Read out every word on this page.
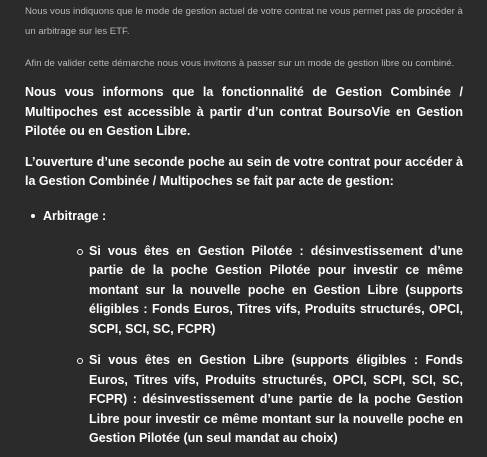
Nous vous indiquons que le mode de gestion actuel de votre contrat ne vous permet pas de procéder à un arbitrage sur les ETF.

Afin de valider cette démarche nous vous invitons à passer sur un mode de gestion libre ou combiné.

Nous vous informons que la fonctionnalité de Gestion Combinée / Multipoches est accessible à partir d’un contrat BoursoVie en Gestion Pilotée ou en Gestion Libre.

L’ouverture d’une seconde poche au sein de votre contrat pour accéder à la Gestion Combinée / Multipoches se fait par acte de gestion:

Arbitrage :
Si vous êtes en Gestion Pilotée : désinvestissement d’une partie de la poche Gestion Pilotée pour investir ce même montant sur la nouvelle poche en Gestion Libre (supports éligibles : Fonds Euros, Titres vifs, Produits structurés, OPCI, SCPI, SCI, SC, FCPR)
Si vous êtes en Gestion Libre (supports éligibles : Fonds Euros, Titres vifs, Produits structurés, OPCI, SCPI, SCI, SC, FCPR) : désinvestissement d’une partie de la poche Gestion Libre pour investir ce même montant sur la nouvelle poche en Gestion Pilotée (un seul mandat au choix)
